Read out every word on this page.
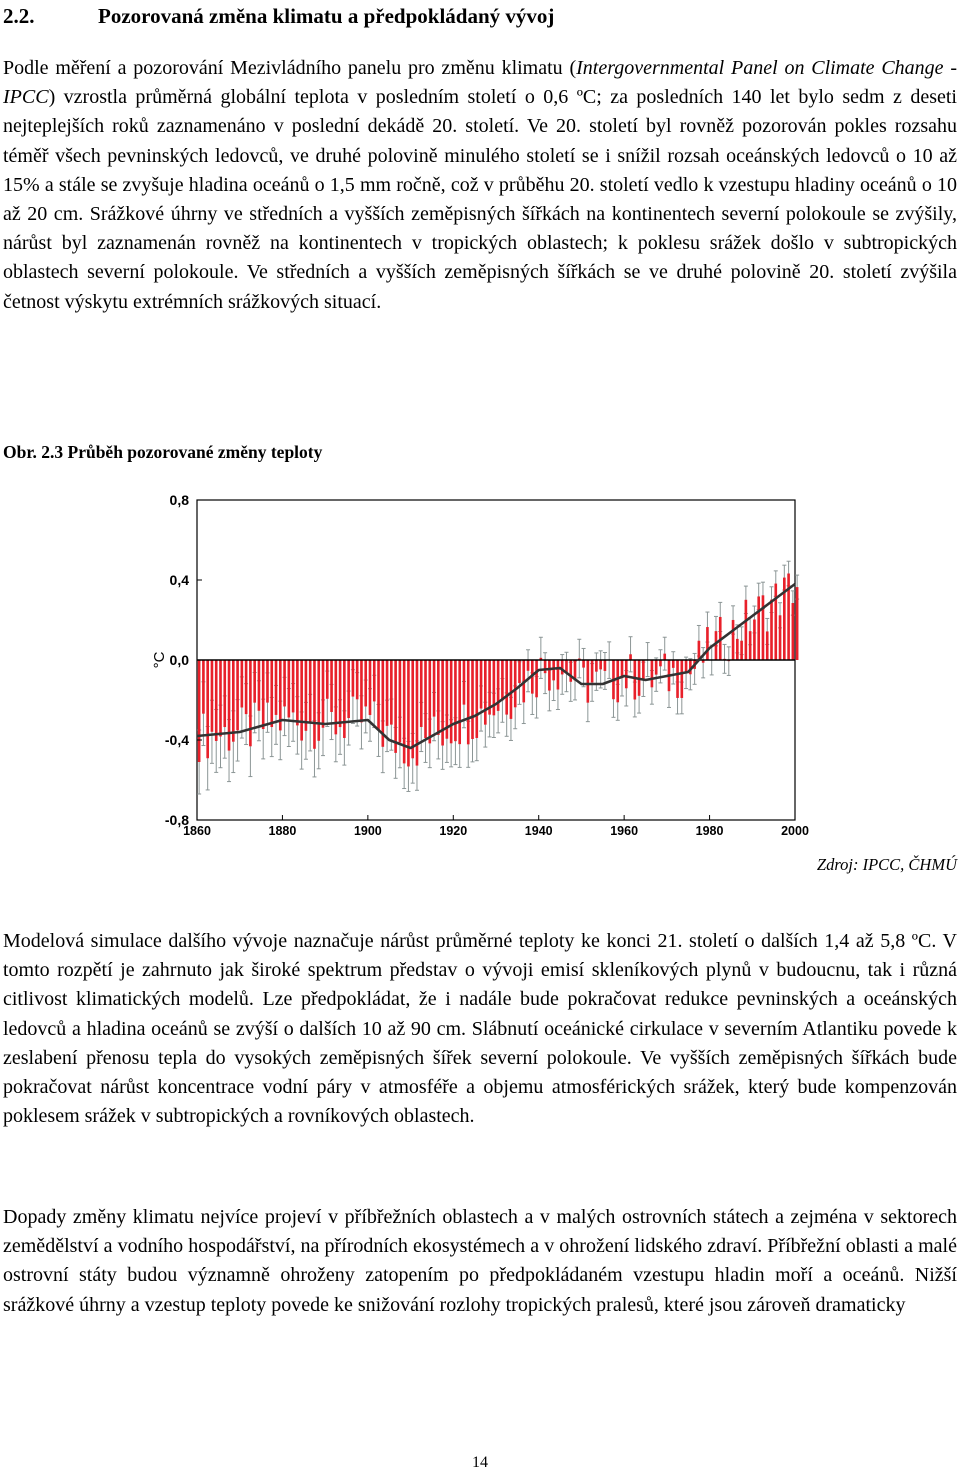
2.2.	Pozorovaná změna klimatu a předpokládaný vývoj

Podle měření a pozorování Mezivládního panelu pro změnu klimatu (Intergovernmental Panel on Climate Change - IPCC) vzrostla průměrná globální teplota v posledním století o 0,6 ºC; za posledních 140 let bylo sedm z deseti nejteplejších roků zaznamenáno v poslední dekádě 20. století. Ve 20. století byl rovněž pozorován pokles rozsahu téměř všech pevninských ledovců, ve druhé polovině minulého století se i snížil rozsah oceánských ledovců o 10 až 15% a stále se zvyšuje hladina oceánů o 1,5 mm ročně, což v průběhu 20. století vedlo k vzestupu hladiny oceánů o 10 až 20 cm. Srážkové úhrny ve středních a vyšších zeměpisných šířkách na kontinentech severní polokoule se zvýšily, nárůst byl zaznamenán rovněž na kontinentech v tropických oblastech; k poklesu srážek došlo v subtropických oblastech severní polokoule. Ve středních a vyšších zeměpisných šířkách se ve druhé polovině 20. století zvýšila četnost výskytu extrémních srážkových situací.

Obr. 2.3 Průběh pozorované změny teploty
0,8
0,4
0,0
-0,4
-0,8
1860	1880	1900	1920	1940	1960	1980	2000
°C
Zdroj: IPCC, ČHMÚ

Modelová simulace dalšího vývoje naznačuje nárůst průměrné teploty ke konci 21. století o dalších 1,4 až 5,8 ºC. V tomto rozpětí je zahrnuto jak široké spektrum představ o vývoji emisí skleníkových plynů v budoucnu, tak i různá citlivost klimatických modelů. Lze předpokládat, že i nadále bude pokračovat redukce pevninských a oceánských ledovců a hladina oceánů se zvýší o dalších 10 až 90 cm. Slábnutí oceánické cirkulace v severním Atlantiku povede k zeslabení přenosu tepla do vysokých zeměpisných šířek severní polokoule. Ve vyšších zeměpisných šířkách bude pokračovat nárůst koncentrace vodní páry v atmosféře a objemu atmosférických srážek, který bude kompenzován poklesem srážek v subtropických a rovníkových oblastech.

Dopady změny klimatu nejvíce projeví v příbřežních oblastech a v malých ostrovních státech a zejména v sektorech zemědělství a vodního hospodářství, na přírodních ekosystémech a v ohrožení lidského zdraví. Příbřežní oblasti a malé ostrovní státy budou významně ohroženy zatopením po předpokládaném vzestupu hladin moří a oceánů. Nižší srážkové úhrny a vzestup teploty povede ke snižování rozlohy tropických pralesů, které jsou zároveň dramaticky

14
